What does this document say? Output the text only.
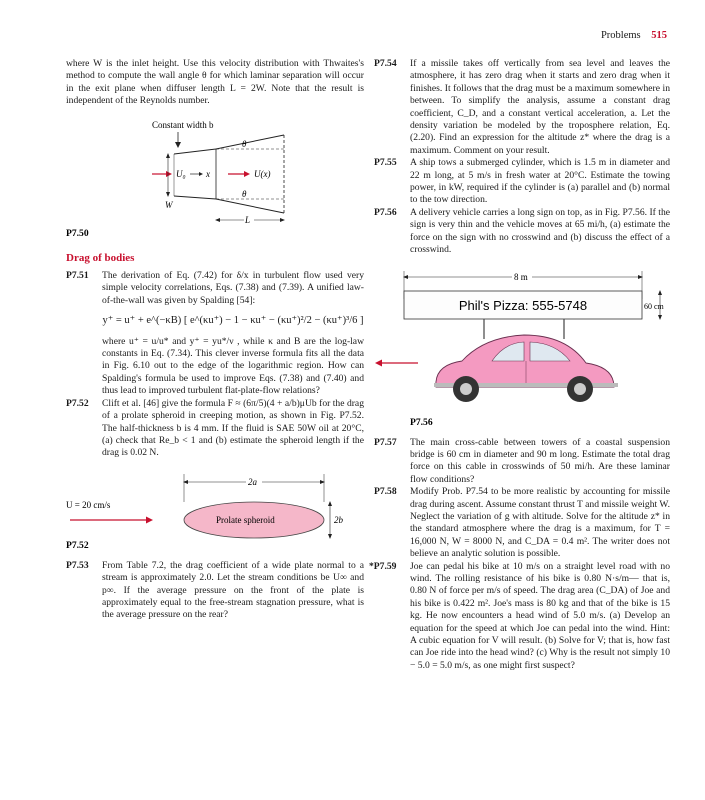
Problems 515

where W is the inlet height. Use this velocity distribution with Thwaites's method to compute the wall angle θ for which laminar separation will occur in the exit plane when diffuser length L = 2W. Note that the result is independent of the Reynolds number.

P7.50
Constant width b
θ
θ
U₀ x	U(x)
W
L
Drag of bodies
P7.51 The derivation of Eq. (7.42) for δ/x in turbulent flow used very simple velocity correlations, Eqs. (7.38) and (7.39). A unified law-of-the-wall was given by Spalding [54]:

y⁺ = u⁺ + e^(−κB) [ e^(κu⁺) − 1 − κu⁺ − (κu⁺)²/2 − (κu⁺)³/6 ]

where u⁺ = u/u* and y⁺ = yu*/ν , while κ and B are the log-law constants in Eq. (7.34). This clever inverse formula fits all the data in Fig. 6.10 out to the edge of the logarithmic region. How can Spalding's formula be used to improve Eqs. (7.38) and (7.40) and thus lead to improved turbulent flat-plate-flow relations?

P7.52 Clift et al. [46] give the formula F ≈ (6π/5)(4 + a/b)μUb for the drag of a prolate spheroid in creeping motion, as shown in Fig. P7.52. The half-thickness b is 4 mm. If the fluid is SAE 50W oil at 20°C, (a) check that Re_b < 1 and (b) estimate the spheroid length if the drag is 0.02 N.

2a
U = 20 cm/s
Prolate spheroid	2b
P7.52
P7.53 From Table 7.2, the drag coefficient of a wide plate normal to a stream is approximately 2.0. Let the stream conditions be U∞ and p∞. If the average pressure on the front of the plate is approximately equal to the free-stream stagnation pressure, what is the average pressure on the rear?

P7.54 If a missile takes off vertically from sea level and leaves the atmosphere, it has zero drag when it starts and zero drag when it finishes. It follows that the drag must be a maximum somewhere in between. To simplify the analysis, assume a constant drag coefficient, C_D, and a constant vertical acceleration, a. Let the density variation be modeled by the troposphere relation, Eq. (2.20). Find an expression for the altitude z* where the drag is a maximum. Comment on your result.

P7.55 A ship tows a submerged cylinder, which is 1.5 m in diameter and 22 m long, at 5 m/s in fresh water at 20°C. Estimate the towing power, in kW, required if the cylinder is (a) parallel and (b) normal to the tow direction.

P7.56 A delivery vehicle carries a long sign on top, as in Fig. P7.56. If the sign is very thin and the vehicle moves at 65 mi/h, (a) estimate the force on the sign with no crosswind and (b) discuss the effect of a crosswind.

8 m
Phil's Pizza: 555-5748	60 cm
P7.56
P7.57 The main cross-cable between towers of a coastal suspension bridge is 60 cm in diameter and 90 m long. Estimate the total drag force on this cable in crosswinds of 50 mi/h. Are these laminar flow conditions?

P7.58 Modify Prob. P7.54 to be more realistic by accounting for missile drag during ascent. Assume constant thrust T and missile weight W. Neglect the variation of g with altitude. Solve for the altitude z* in the standard atmosphere where the drag is a maximum, for T = 16,000 N, W = 8000 N, and C_DA = 0.4 m². The writer does not believe an analytic solution is possible.

*P7.59 Joe can pedal his bike at 10 m/s on a straight level road with no wind. The rolling resistance of his bike is 0.80 N·s/m— that is, 0.80 N of force per m/s of speed. The drag area (C_DA) of Joe and his bike is 0.422 m². Joe's mass is 80 kg and that of the bike is 15 kg. He now encounters a head wind of 5.0 m/s. (a) Develop an equation for the speed at which Joe can pedal into the wind. Hint: A cubic equation for V will result. (b) Solve for V; that is, how fast can Joe ride into the head wind? (c) Why is the result not simply 10 − 5.0 = 5.0 m/s, as one might first suspect?
